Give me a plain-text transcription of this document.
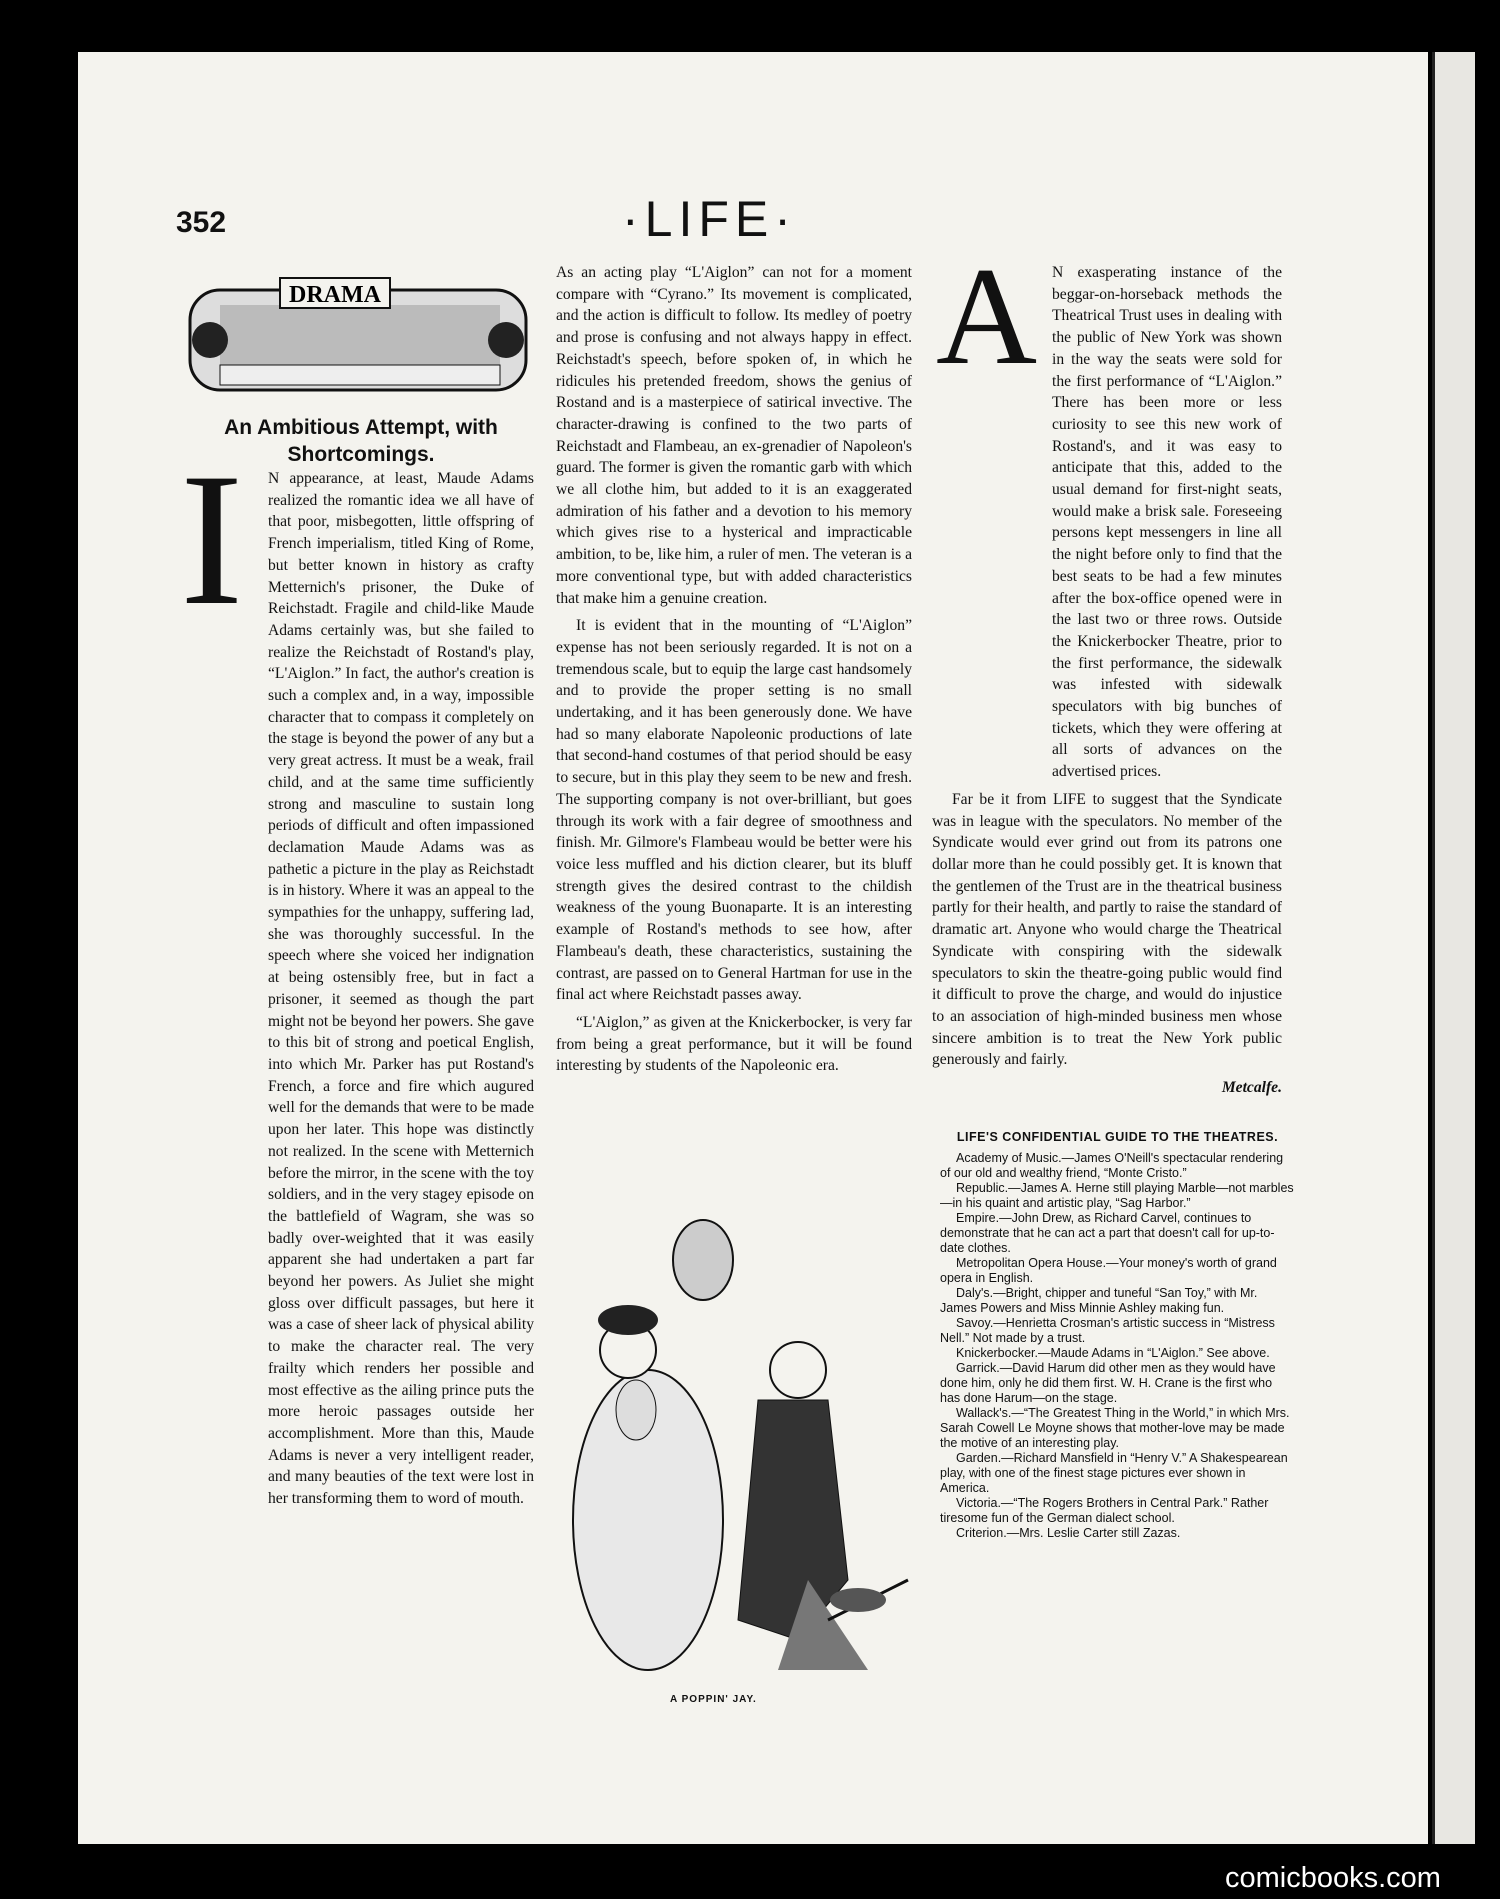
352	·LIFE·
DRAMA
An Ambitious Attempt, with Shortcomings.
I	N appearance, at least, Maude Adams realized the romantic idea we all have of that poor, misbegotten, little offspring of French imperialism, titled King of Rome, but better known in history as crafty Metternich's prisoner, the Duke of Reichstadt. Fragile and child-like Maude Adams certainly was, but she failed to realize the Reichstadt of Rostand's play, “L'Aiglon.” In fact, the author's creation is such a complex and, in a way, impossible character that to compass it completely on the stage is beyond the power of any but a very great actress. It must be a weak, frail child, and at the same time sufficiently strong and masculine to sustain long periods of difficult and often impassioned declamation Maude Adams was as pathetic a picture in the play as Reichstadt is in history. Where it was an appeal to the sympathies for the unhappy, suffering lad, she was thoroughly successful. In the speech where she voiced her indignation at being ostensibly free, but in fact a prisoner, it seemed as though the part might not be beyond her powers. She gave to this bit of strong and poetical English, into which Mr. Parker has put Rostand's French, a force and fire which augured well for the demands that were to be made upon her later. This hope was distinctly not realized. In the scene with Metternich before the mirror, in the scene with the toy soldiers, and in the very stagey episode on the battlefield of Wagram, she was so badly over-weighted that it was easily apparent she had undertaken a part far beyond her powers. As Juliet she might gloss over difficult passages, but here it was a case of sheer lack of physical ability to make the character real. The very frailty which renders her possible and most effective as the ailing prince puts the more heroic passages outside her accomplishment. More than this, Maude Adams is never a very intelligent reader, and many beauties of the text were lost in her transforming them to word of mouth.

As an acting play “L'Aiglon” can not for a moment compare with “Cyrano.” Its movement is complicated, and the action is difficult to follow. Its medley of poetry and prose is confusing and not always happy in effect. Reichstadt's speech, before spoken of, in which he ridicules his pretended freedom, shows the genius of Rostand and is a masterpiece of satirical invective. The character-drawing is confined to the two parts of Reichstadt and Flambeau, an ex-grenadier of Napoleon's guard. The former is given the romantic garb with which we all clothe him, but added to it is an exaggerated admiration of his father and a devotion to his memory which gives rise to a hysterical and impracticable ambition, to be, like him, a ruler of men. The veteran is a more conventional type, but with added characteristics that make him a genuine creation.

It is evident that in the mounting of “L'Aiglon” expense has not been seriously regarded. It is not on a tremendous scale, but to equip the large cast handsomely and to provide the proper setting is no small undertaking, and it has been generously done. We have had so many elaborate Napoleonic productions of late that second-hand costumes of that period should be easy to secure, but in this play they seem to be new and fresh. The supporting company is not over-brilliant, but goes through its work with a fair degree of smoothness and finish. Mr. Gilmore's Flambeau would be better were his voice less muffled and his diction clearer, but its bluff strength gives the desired contrast to the childish weakness of the young Buonaparte. It is an interesting example of Rostand's methods to see how, after Flambeau's death, these characteristics, sustaining the contrast, are passed on to General Hartman for use in the final act where Reichstadt passes away.

“L'Aiglon,” as given at the Knickerbocker, is very far from being a great performance, but it will be found interesting by students of the Napoleonic era.

A N exasperating instance of the beggar-on-horseback methods the Theatrical Trust uses in dealing with the public of New York was shown in the way the seats were sold for the first performance of “L'Aiglon.” There has been more or less curiosity to see this new work of Rostand's, and it was easy to anticipate that this, added to the usual demand for first-night seats, would make a brisk sale. Foreseeing persons kept messengers in line all the night before only to find that the best seats to be had a few minutes after the box-office opened were in the last two or three rows. Outside the Knickerbocker Theatre, prior to the first performance, the sidewalk was infested with sidewalk speculators with big bunches of tickets, which they were offering at all sorts of advances on the advertised prices.

Far be it from LIFE to suggest that the Syndicate was in league with the speculators. No member of the Syndicate would ever grind out from its patrons one dollar more than he could possibly get. It is known that the gentlemen of the Trust are in the theatrical business partly for their health, and partly to raise the standard of dramatic art. Anyone who would charge the Theatrical Syndicate with conspiring with the sidewalk speculators to skin the theatre-going public would find it difficult to prove the charge, and would do injustice to an association of high-minded business men whose sincere ambition is to treat the New York public generously and fairly.

Metcalfe.
LIFE'S CONFIDENTIAL GUIDE TO THE THEATRES.

Academy of Music.—James O'Neill's spectacular rendering of our old and wealthy friend, “Monte Cristo.”

Republic.—James A. Herne still playing Marble—not marbles—in his quaint and artistic play, “Sag Harbor.”

Empire.—John Drew, as Richard Carvel, continues to demonstrate that he can act a part that doesn't call for up-to-date clothes.

Metropolitan Opera House.—Your money's worth of grand opera in English.

Daly's.—Bright, chipper and tuneful “San Toy,” with Mr. James Powers and Miss Minnie Ashley making fun.

Savoy.—Henrietta Crosman's artistic success in “Mistress Nell.” Not made by a trust.

Knickerbocker.—Maude Adams in “L'Aiglon.” See above.

Garrick.—David Harum did other men as they would have done him, only he did them first. W. H. Crane is the first who has done Harum—on the stage.

Wallack's.—“The Greatest Thing in the World,” in which Mrs. Sarah Cowell Le Moyne shows that mother-love may be made the motive of an interesting play.

Garden.—Richard Mansfield in “Henry V.” A Shakespearean play, with one of the finest stage pictures ever shown in America.

Victoria.—“The Rogers Brothers in Central Park.” Rather tiresome fun of the German dialect school.

Criterion.—Mrs. Leslie Carter still Zazas.

A POPPIN' JAY.
comicbooks.com
